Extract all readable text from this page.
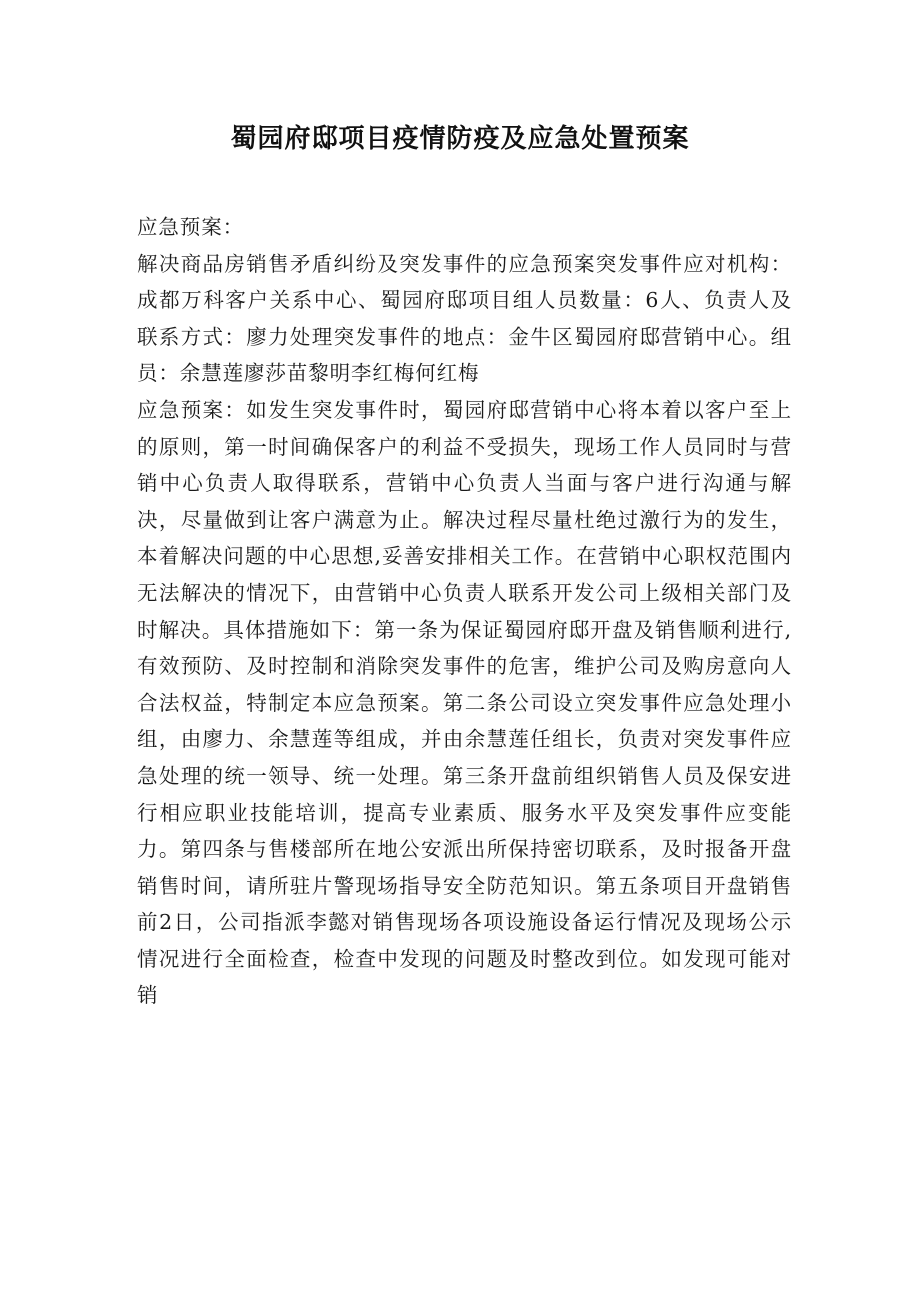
蜀园府邸项目疫情防疫及应急处置预案

应急预案：

解决商品房销售矛盾纠纷及突发事件的应急预案突发事件应对机构：成都万科客户关系中心、蜀园府邸项目组人员数量：6人、负责人及联系方式：廖力处理突发事件的地点：金牛区蜀园府邸营销中心。组员：余慧莲廖莎苗黎明李红梅何红梅

应急预案：如发生突发事件时，蜀园府邸营销中心将本着以客户至上的原则，第一时间确保客户的利益不受损失，现场工作人员同时与营销中心负责人取得联系，营销中心负责人当面与客户进行沟通与解决，尽量做到让客户满意为止。解决过程尽量杜绝过激行为的发生，本着解决问题的中心思想,妥善安排相关工作。在营销中心职权范围内无法解决的情况下，由营销中心负责人联系开发公司上级相关部门及时解决。具体措施如下：第一条为保证蜀园府邸开盘及销售顺利进行,有效预防、及时控制和消除突发事件的危害，维护公司及购房意向人合法权益，特制定本应急预案。第二条公司设立突发事件应急处理小组，由廖力、余慧莲等组成，并由余慧莲任组长，负责对突发事件应急处理的统一领导、统一处理。第三条开盘前组织销售人员及保安进行相应职业技能培训，提高专业素质、服务水平及突发事件应变能力。第四条与售楼部所在地公安派出所保持密切联系，及时报备开盘销售时间，请所驻片警现场指导安全防范知识。第五条项目开盘销售前2日，公司指派李懿对销售现场各项设施设备运行情况及现场公示情况进行全面检查，检查中发现的问题及时整改到位。如发现可能对销
